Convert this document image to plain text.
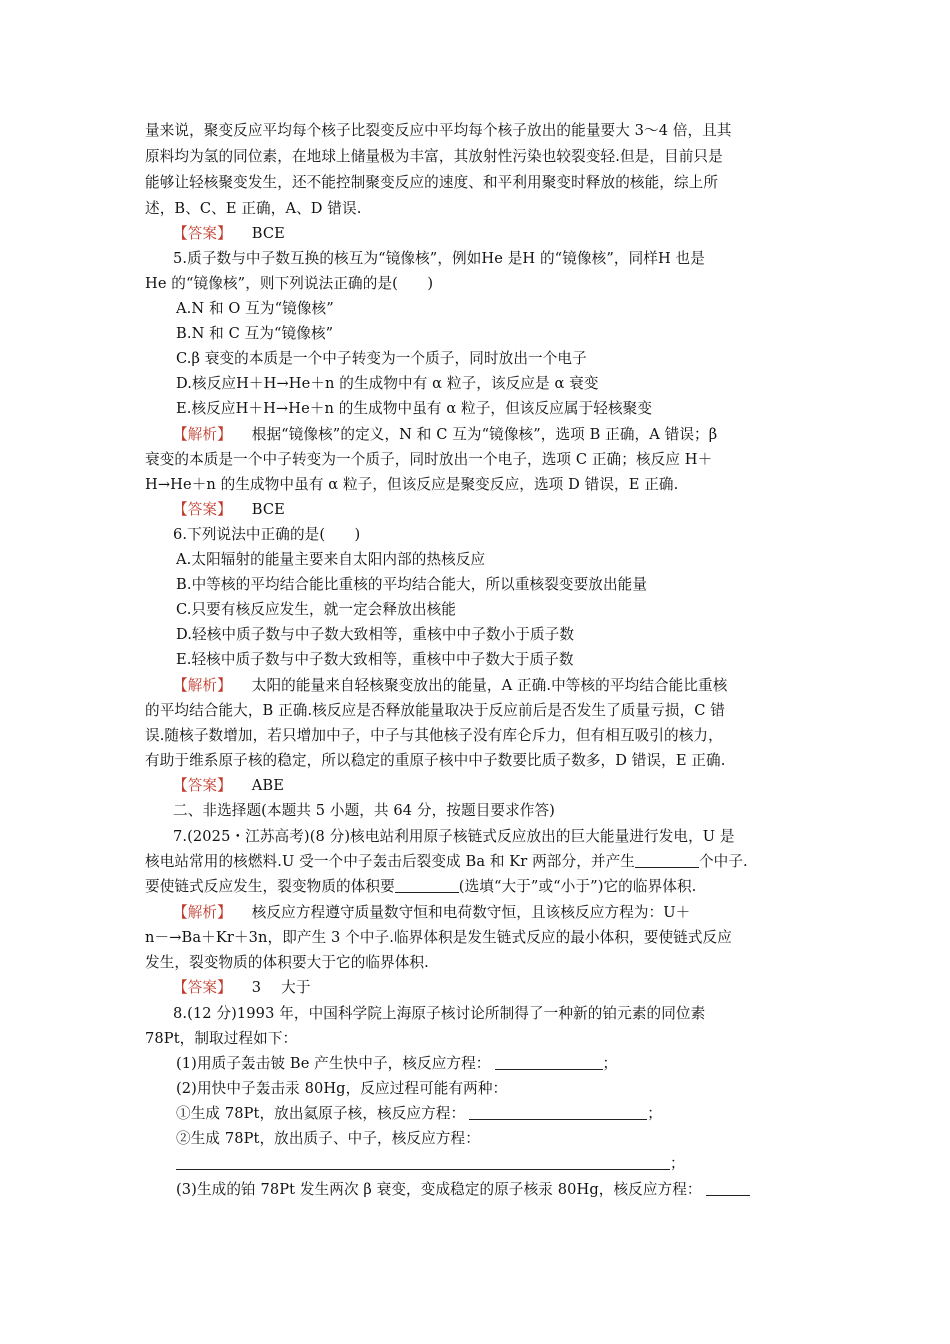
量来说，聚变反应平均每个核子比裂变反应中平均每个核子放出的能量要大 3～4 倍，且其
原料均为氢的同位素，在地球上储量极为丰富，其放射性污染也较裂变轻.但是，目前只是
能够让轻核聚变发生，还不能控制聚变反应的速度、和平利用聚变时释放的核能，综上所
述，B、C、E 正确，A、D 错误.
【答案】 BCE
5.质子数与中子数互换的核互为“镜像核”，例如He 是H 的“镜像核”，同样H 也是
He 的“镜像核”，则下列说法正确的是(　　)
A.N 和 O 互为“镜像核”
B.N 和 C 互为“镜像核”
C.β 衰变的本质是一个中子转变为一个质子，同时放出一个电子
D.核反应H＋H→He＋n 的生成物中有 α 粒子，该反应是 α 衰变
E.核反应H＋H→He＋n 的生成物中虽有 α 粒子，但该反应属于轻核聚变
【解析】 根据“镜像核”的定义，N 和 C 互为“镜像核”，选项 B 正确，A 错误；β
衰变的本质是一个中子转变为一个质子，同时放出一个电子，选项 C 正确；核反应 H＋
H→He＋n 的生成物中虽有 α 粒子，但该反应是聚变反应，选项 D 错误，E 正确.
【答案】 BCE
6.下列说法中正确的是(　　)
A.太阳辐射的能量主要来自太阳内部的热核反应
B.中等核的平均结合能比重核的平均结合能大，所以重核裂变要放出能量
C.只要有核反应发生，就一定会释放出核能
D.轻核中质子数与中子数大致相等，重核中中子数小于质子数
E.轻核中质子数与中子数大致相等，重核中中子数大于质子数
【解析】 太阳的能量来自轻核聚变放出的能量，A 正确.中等核的平均结合能比重核
的平均结合能大，B 正确.核反应是否释放能量取决于反应前后是否发生了质量亏损，C 错
误.随核子数增加，若只增加中子，中子与其他核子没有库仑斥力，但有相互吸引的核力，
有助于维系原子核的稳定，所以稳定的重原子核中中子数要比质子数多，D 错误，E 正确.
【答案】 ABE
二、非选择题(本题共 5 小题，共 64 分，按题目要求作答)
7.(2025・江苏高考)(8 分)核电站利用原子核链式反应放出的巨大能量进行发电，U 是
核电站常用的核燃料.U 受一个中子轰击后裂变成 Ba 和 Kr 两部分，并产生	个中子.
要使链式反应发生，裂变物质的体积要	(选填“大于”或“小于”)它的临界体积.
【解析】 核反应方程遵守质量数守恒和电荷数守恒，且该核反应方程为：U＋
n－→Ba＋Kr＋3n，即产生 3 个中子.临界体积是发生链式反应的最小体积，要使链式反应
发生，裂变物质的体积要大于它的临界体积.
【答案】 3 大于
8.(12 分)1993 年，中国科学院上海原子核讨论所制得了一种新的铂元素的同位素
78Pt，制取过程如下：
(1)用质子轰击铍 Be 产生快中子，核反应方程：	；
(2)用快中子轰击汞 80Hg，反应过程可能有两种：
①生成 78Pt，放出氦原子核，核反应方程：	；
②生成 78Pt，放出质子、中子，核反应方程：
；
(3)生成的铂 78Pt 发生两次 β 衰变，变成稳定的原子核汞 80Hg，核反应方程：
